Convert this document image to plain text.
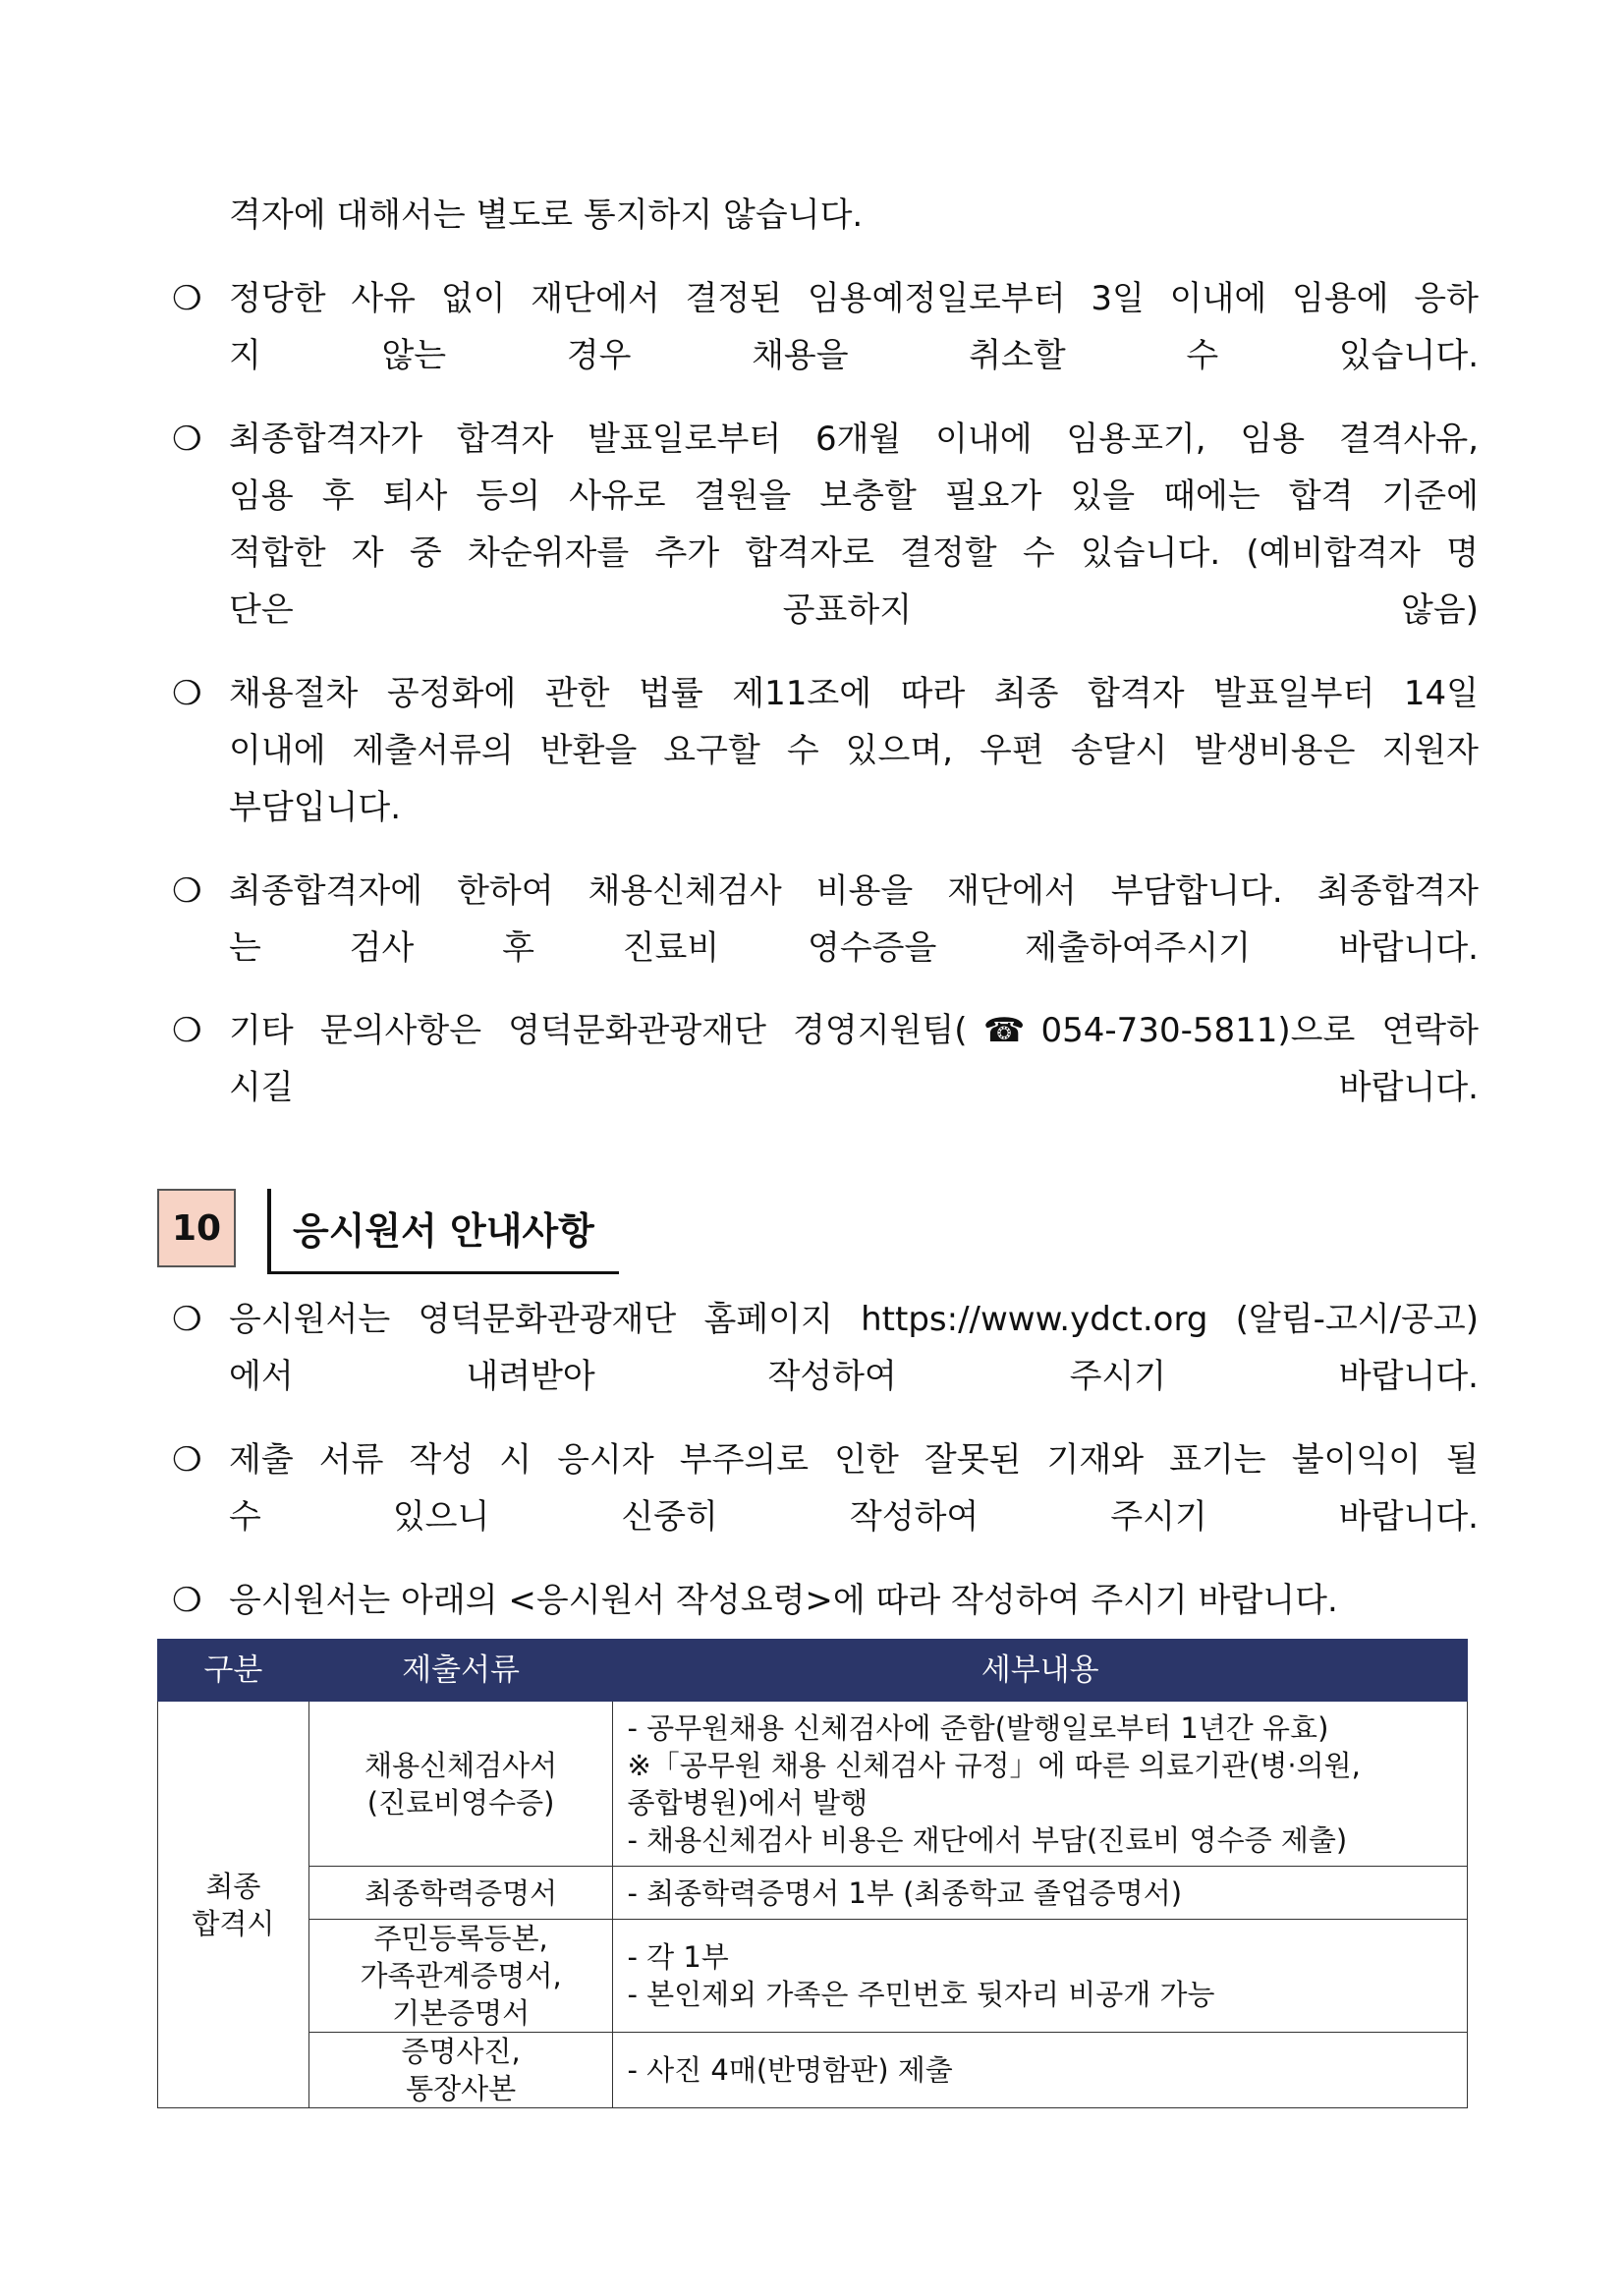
격자에 대해서는 별도로 통지하지 않습니다.
❍ 정당한 사유 없이 재단에서 결정된 임용예정일로부터 3일 이내에 임용에 응하
지 않는 경우 채용을 취소할 수 있습니다.
❍ 최종합격자가 합격자 발표일로부터 6개월 이내에 임용포기, 임용 결격사유,
임용 후 퇴사 등의 사유로 결원을 보충할 필요가 있을 때에는 합격 기준에
적합한 자 중 차순위자를 추가 합격자로 결정할 수 있습니다. (예비합격자 명
단은 공표하지 않음)
❍ 채용절차 공정화에 관한 법률 제11조에 따라 최종 합격자 발표일부터 14일
이내에 제출서류의 반환을 요구할 수 있으며, 우편 송달시 발생비용은 지원자
부담입니다.
❍ 최종합격자에 한하여 채용신체검사 비용을 재단에서 부담합니다. 최종합격자
는 검사 후 진료비 영수증을 제출하여주시기 바랍니다.
❍ 기타 문의사항은 영덕문화관광재단 경영지원팀(☎054-730-5811)으로 연락하
시길 바랍니다.
10	응시원서 안내사항
❍ 응시원서는 영덕문화관광재단 홈페이지 https://www.ydct.org (알림-고시/공고)
에서 내려받아 작성하여 주시기 바랍니다.
❍ 제출 서류 작성 시 응시자 부주의로 인한 잘못된 기재와 표기는 불이익이 될
수 있으니 신중히 작성하여 주시기 바랍니다.
❍ 응시원서는 아래의 <응시원서 작성요령>에 따라 작성하여 주시기 바랍니다.
구분	제출서류	세부내용

최종
합격시	채용신체검사서
(진료비영수증)	- 공무원채용 신체검사에 준함(발행일로부터 1년간 유효)
※「공무원 채용 신체검사 규정」에 따른 의료기관(병·의원,
종합병원)에서 발행
- 채용신체검사 비용은 재단에서 부담(진료비 영수증 제출)

	최종학력증명서	- 최종학력증명서 1부 (최종학교 졸업증명서)

	주민등록등본,
가족관계증명서,
기본증명서	- 각 1부
- 본인제외 가족은 주민번호 뒷자리 비공개 가능

	증명사진,
통장사본	- 사진 4매(반명함판) 제출
